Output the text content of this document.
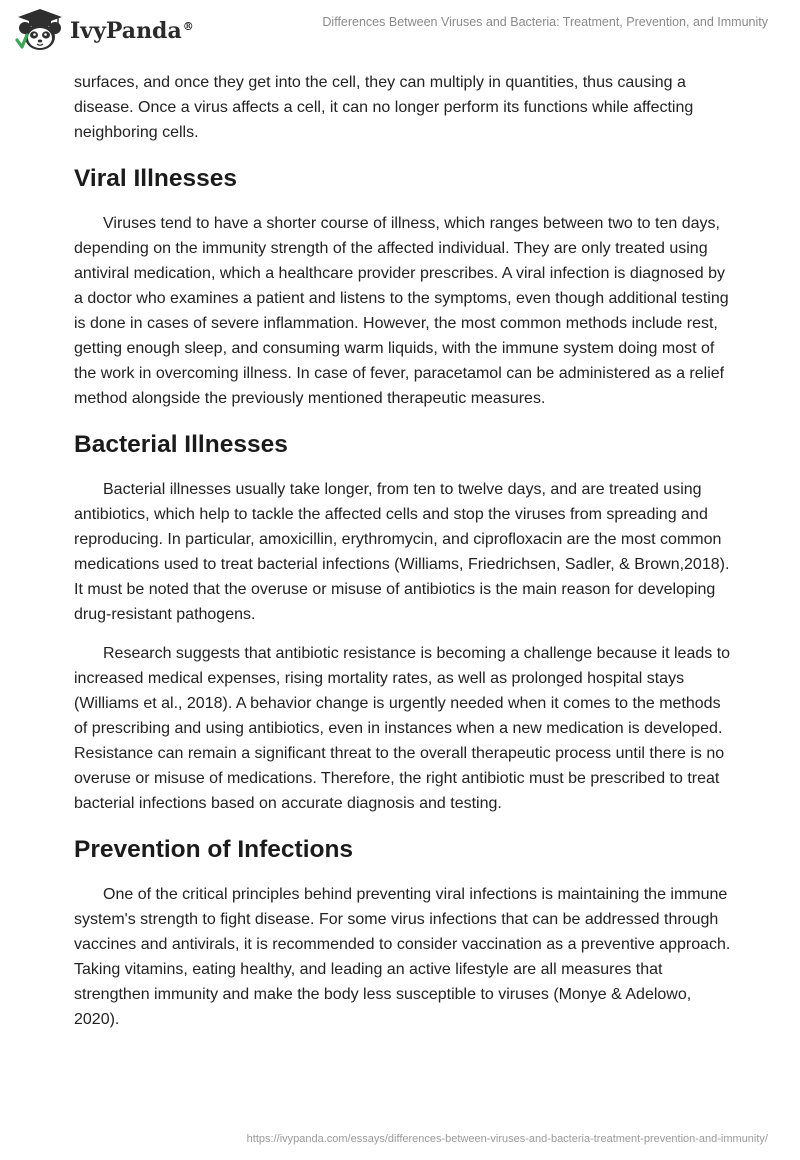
IvyPanda®	Differences Between Viruses and Bacteria: Treatment, Prevention, and Immunity

surfaces, and once they get into the cell, they can multiply in quantities, thus causing a disease. Once a virus affects a cell, it can no longer perform its functions while affecting neighboring cells.

Viral Illnesses

Viruses tend to have a shorter course of illness, which ranges between two to ten days, depending on the immunity strength of the affected individual. They are only treated using antiviral medication, which a healthcare provider prescribes. A viral infection is diagnosed by a doctor who examines a patient and listens to the symptoms, even though additional testing is done in cases of severe inflammation. However, the most common methods include rest, getting enough sleep, and consuming warm liquids, with the immune system doing most of the work in overcoming illness. In case of fever, paracetamol can be administered as a relief method alongside the previously mentioned therapeutic measures.

Bacterial Illnesses

Bacterial illnesses usually take longer, from ten to twelve days, and are treated using antibiotics, which help to tackle the affected cells and stop the viruses from spreading and reproducing. In particular, amoxicillin, erythromycin, and ciprofloxacin are the most common medications used to treat bacterial infections (Williams, Friedrichsen, Sadler, & Brown,2018). It must be noted that the overuse or misuse of antibiotics is the main reason for developing drug-resistant pathogens.

Research suggests that antibiotic resistance is becoming a challenge because it leads to increased medical expenses, rising mortality rates, as well as prolonged hospital stays (Williams et al., 2018). A behavior change is urgently needed when it comes to the methods of prescribing and using antibiotics, even in instances when a new medication is developed. Resistance can remain a significant threat to the overall therapeutic process until there is no overuse or misuse of medications. Therefore, the right antibiotic must be prescribed to treat bacterial infections based on accurate diagnosis and testing.

Prevention of Infections

One of the critical principles behind preventing viral infections is maintaining the immune system's strength to fight disease. For some virus infections that can be addressed through vaccines and antivirals, it is recommended to consider vaccination as a preventive approach. Taking vitamins, eating healthy, and leading an active lifestyle are all measures that strengthen immunity and make the body less susceptible to viruses (Monye & Adelowo, 2020).

https://ivypanda.com/essays/differences-between-viruses-and-bacteria-treatment-prevention-and-immunity/
